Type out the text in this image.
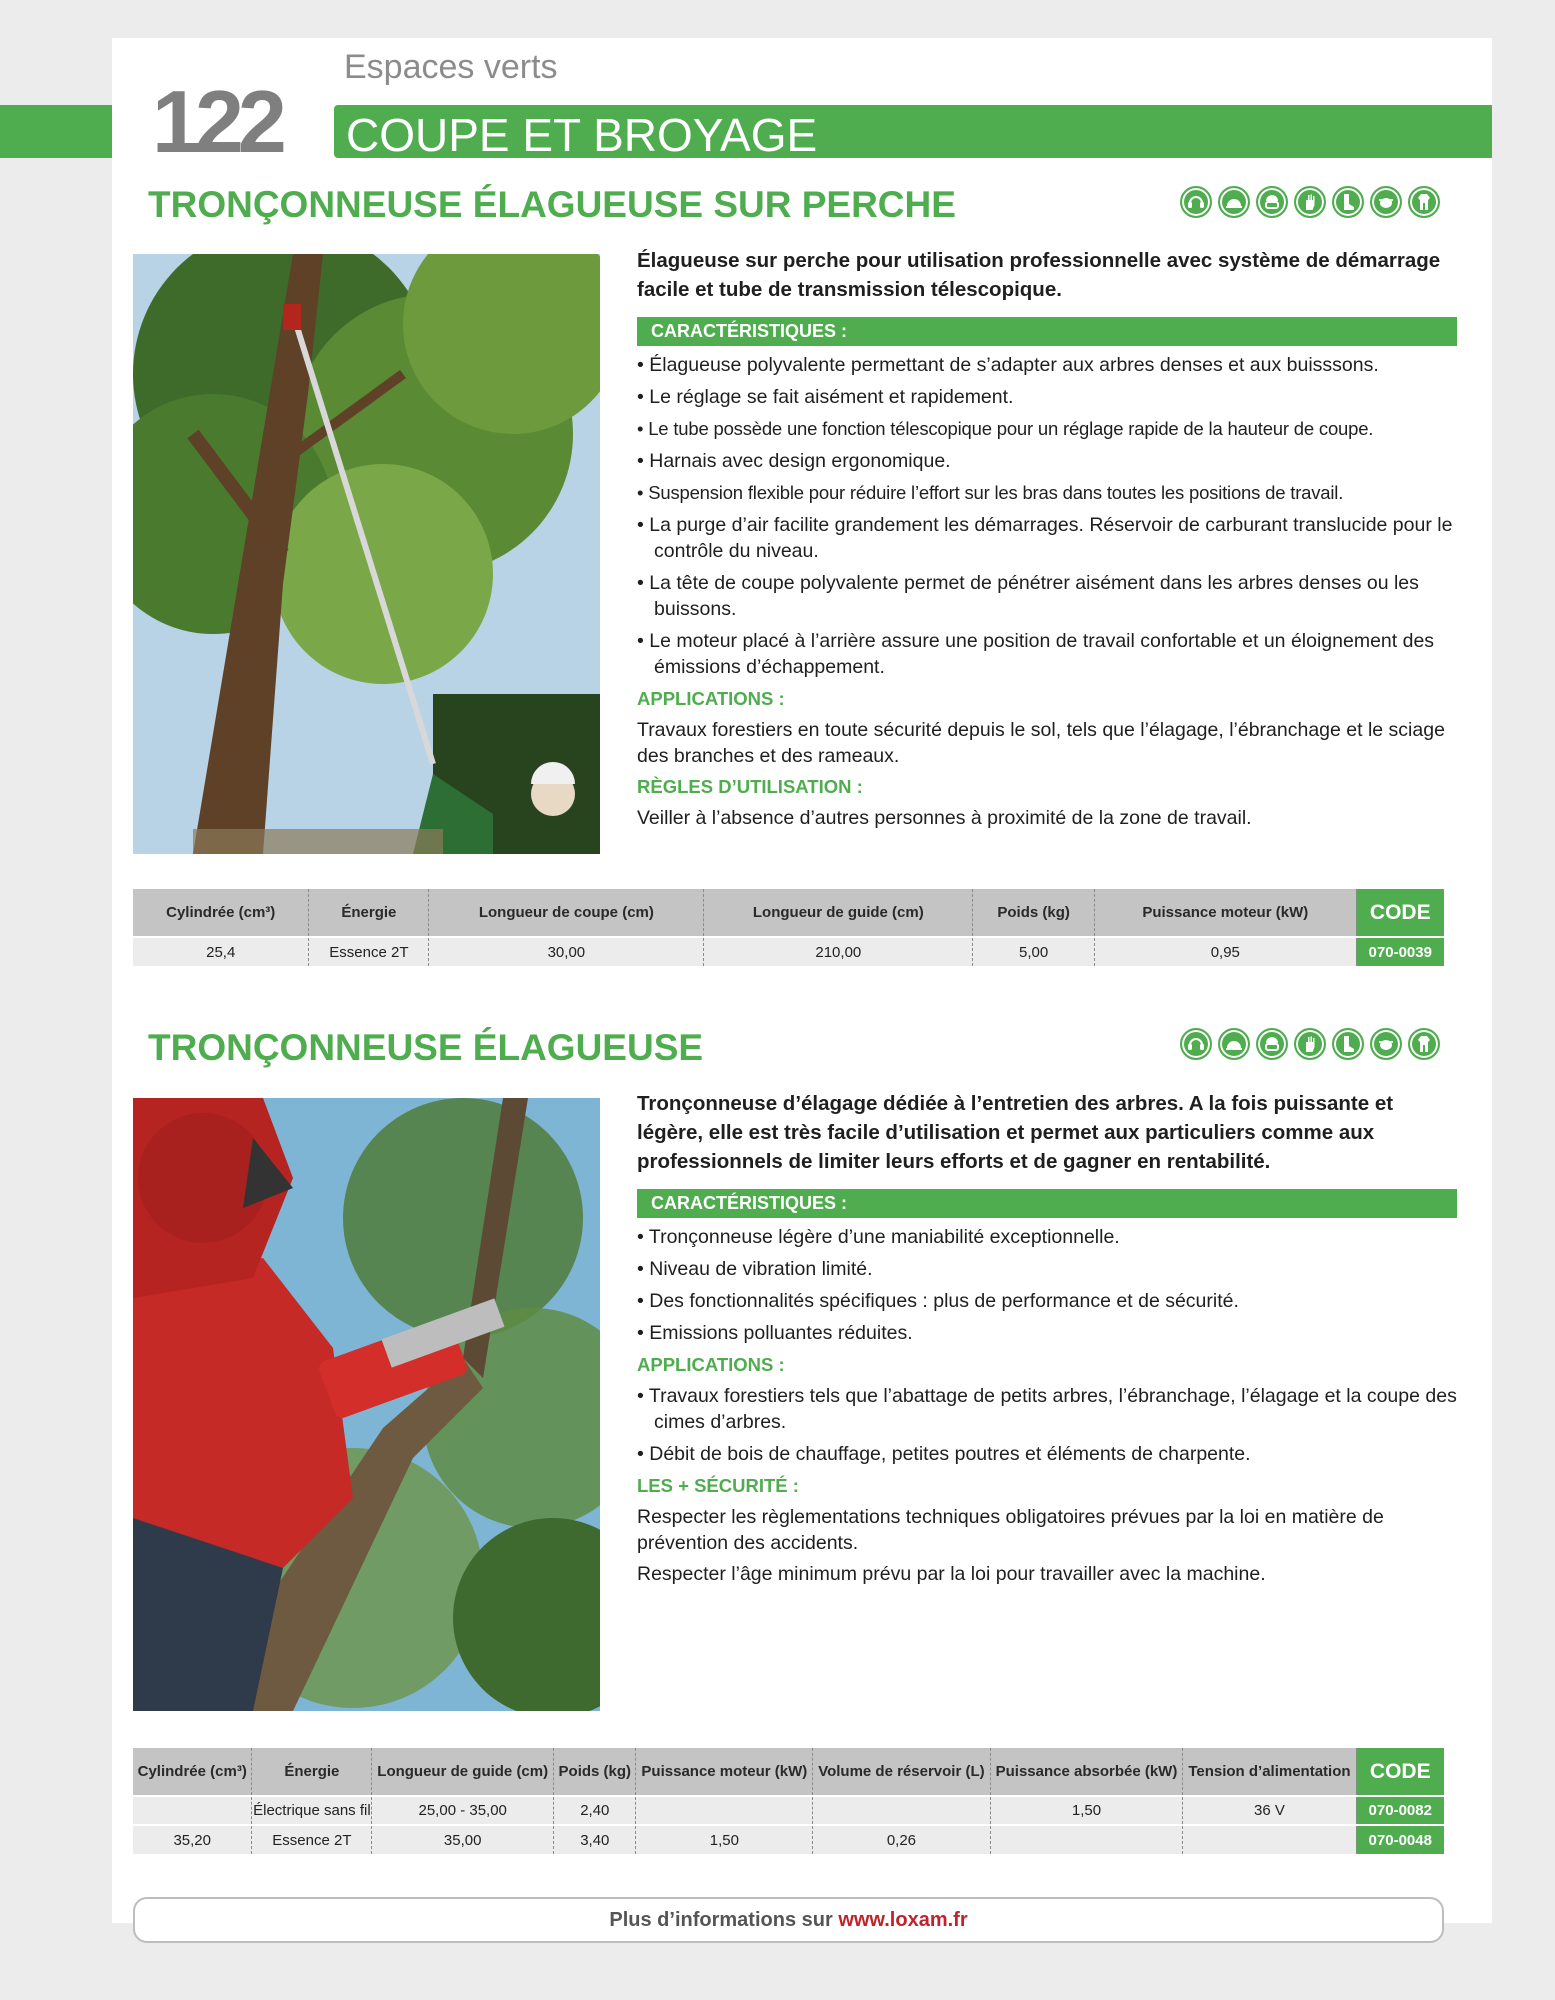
122
Espaces verts
COUPE ET BROYAGE
TRONÇONNEUSE ÉLAGUEUSE SUR PERCHE
Élagueuse sur perche pour utilisation professionnelle avec système de démarrage facile et tube de transmission télescopique.
CARACTÉRISTIQUES :
• Élagueuse polyvalente permettant de s’adapter aux arbres denses et aux buisssons.
• Le réglage se fait aisément et rapidement.
• Le tube possède une fonction télescopique pour un réglage rapide de la hauteur de coupe.
• Harnais avec design ergonomique.
• Suspension flexible pour réduire l’effort sur les bras dans toutes les positions de travail.
• La purge d’air facilite grandement les démarrages. Réservoir de carburant translucide pour le contrôle du niveau.
• La tête de coupe polyvalente permet de pénétrer aisément dans les arbres denses ou les buissons.
• Le moteur placé à l’arrière assure une position de travail confortable et un éloignement des émissions d’échappement.
APPLICATIONS :
Travaux forestiers en toute sécurité depuis le sol, tels que l’élagage, l’ébranchage et le sciage des branches et des rameaux.
RÈGLES D’UTILISATION :
Veiller à l’absence d’autres personnes à proximité de la zone de travail.
Cylindrée (cm³)	Énergie	Longueur de coupe (cm)	Longueur de guide (cm)	Poids (kg)	Puissance moteur (kW)	CODE
25,4	Essence 2T	30,00	210,00	5,00	0,95	070-0039
TRONÇONNEUSE ÉLAGUEUSE
Tronçonneuse d’élagage dédiée à l’entretien des arbres. A la fois puissante et légère, elle est très facile d’utilisation et permet aux particuliers comme aux professionnels de limiter leurs efforts et de gagner en rentabilité.
CARACTÉRISTIQUES :
• Tronçonneuse légère d’une maniabilité exceptionnelle.
• Niveau de vibration limité.
• Des fonctionnalités spécifiques : plus de performance et de sécurité.
• Emissions polluantes réduites.
APPLICATIONS :
• Travaux forestiers tels que l’abattage de petits arbres, l’ébranchage, l’élagage et la coupe des cimes d’arbres.
• Débit de bois de chauffage, petites poutres et éléments de charpente.
LES + SÉCURITÉ :
Respecter les règlementations techniques obligatoires prévues par la loi en matière de prévention des accidents.
Respecter l’âge minimum prévu par la loi pour travailler avec la machine.
Cylindrée (cm³)	Énergie	Longueur de guide (cm)	Poids (kg)	Puissance moteur (kW)	Volume de réservoir (L)	Puissance absorbée (kW)	Tension d’alimentation	CODE
	Électrique sans fil	25,00 - 35,00	2,40			1,50	36 V	070-0082
35,20	Essence 2T	35,00	3,40	1,50	0,26			070-0048
Plus d’informations sur www.loxam.fr
